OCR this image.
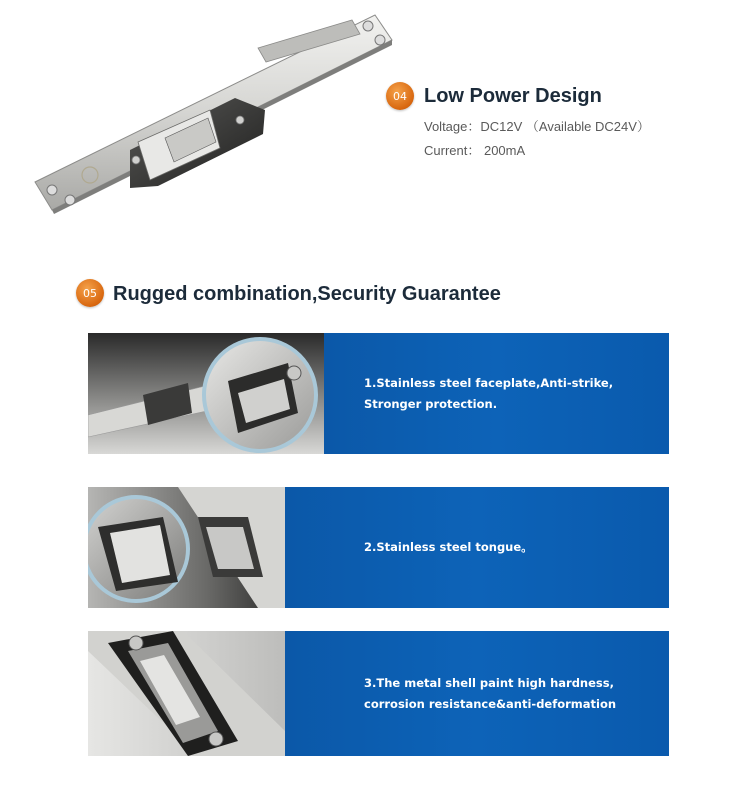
04 Low Power Design
Voltage：DC12V （Available DC24V）
Current： 200mA
05 Rugged combination,Security Guarantee
1.Stainless steel faceplate,Anti-strike,
Stronger protection.
2.Stainless steel tongue。
3.The metal shell paint high hardness,
corrosion resistance&anti-deformation
